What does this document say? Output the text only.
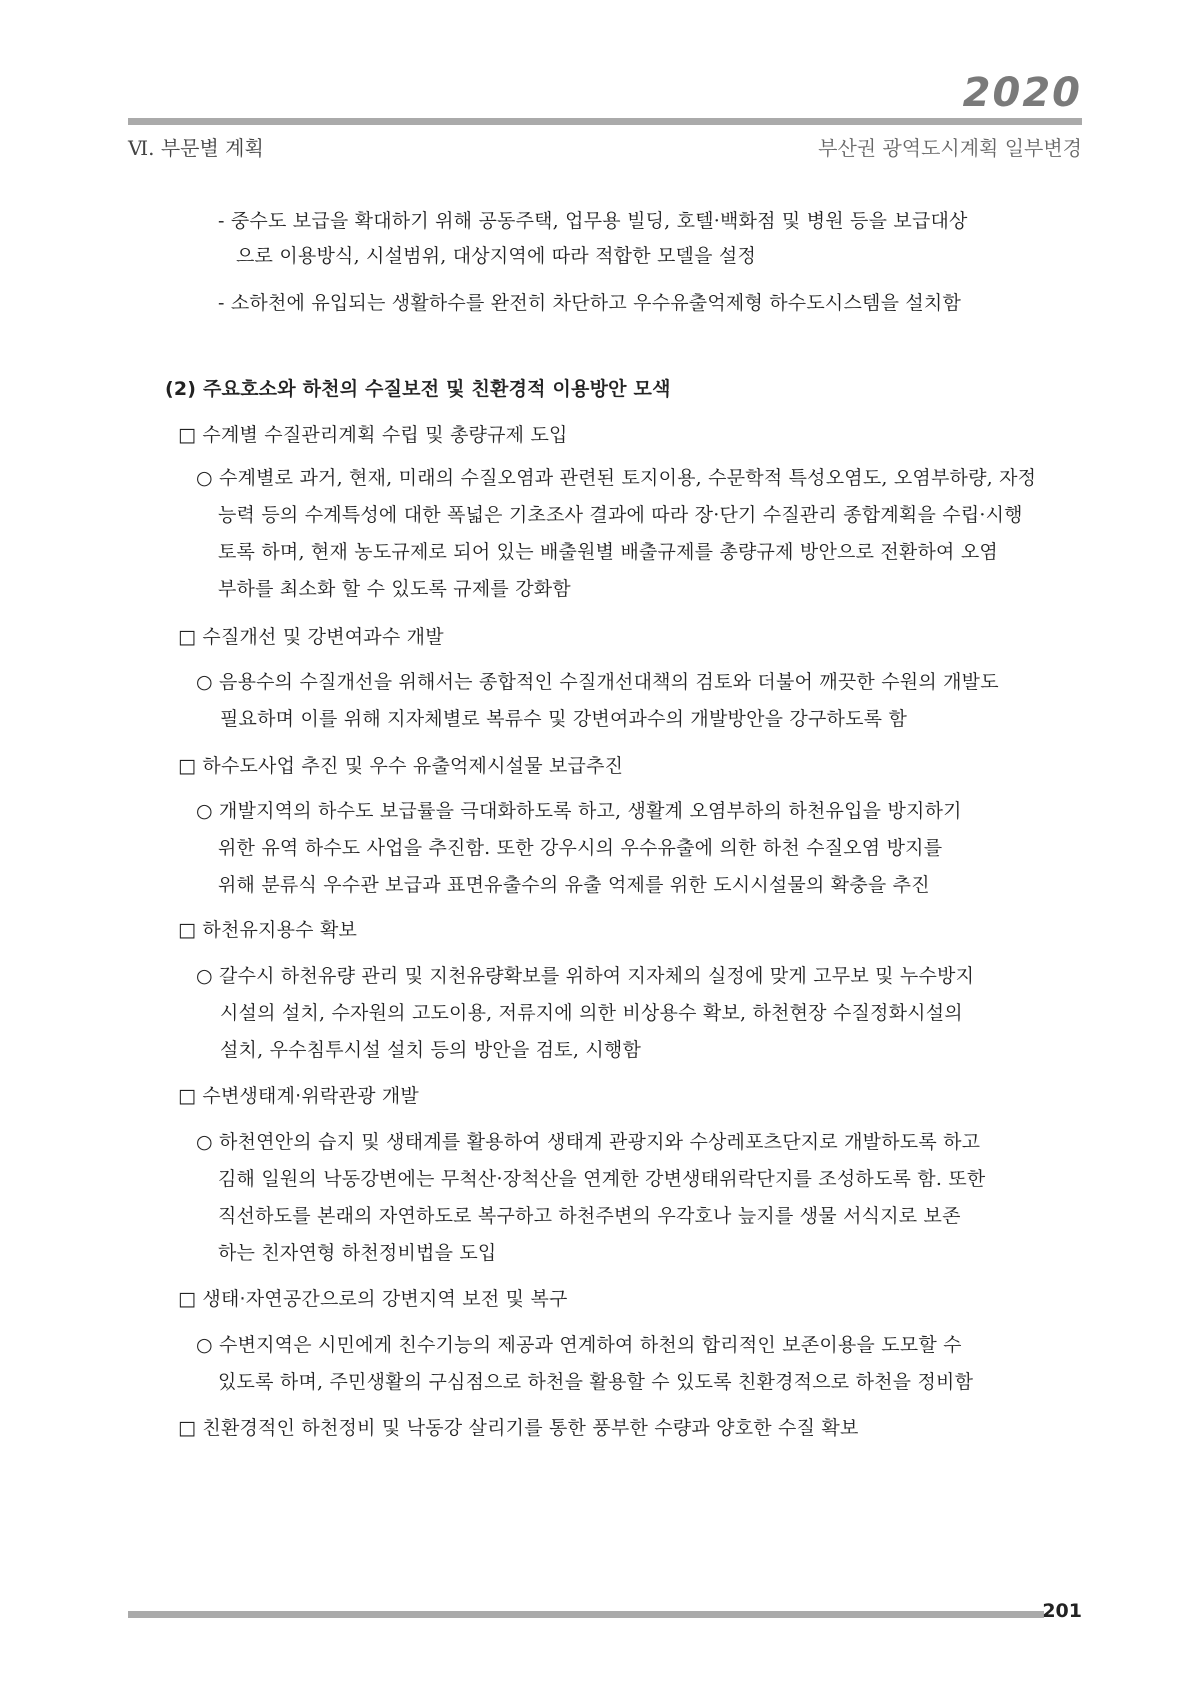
2020
Ⅵ. 부문별 계획	부산권 광역도시계획 일부변경
- 중수도 보급을 확대하기 위해 공동주택, 업무용 빌딩, 호텔·백화점 및 병원 등을 보급대상
으로 이용방식, 시설범위, 대상지역에 따라 적합한 모델을 설정
- 소하천에 유입되는 생활하수를 완전히 차단하고 우수유출억제형 하수도시스템을 설치함
(2) 주요호소와 하천의 수질보전 및 친환경적 이용방안 모색
□ 수계별 수질관리계획 수립 및 총량규제 도입
○ 수계별로 과거, 현재, 미래의 수질오염과 관련된 토지이용, 수문학적 특성오염도, 오염부하량, 자정
능력 등의 수계특성에 대한 폭넓은 기초조사 결과에 따라 장·단기 수질관리 종합계획을 수립·시행
토록 하며, 현재 농도규제로 되어 있는 배출원별 배출규제를 총량규제 방안으로 전환하여 오염
부하를 최소화 할 수 있도록 규제를 강화함
□ 수질개선 및 강변여과수 개발
○ 음용수의 수질개선을 위해서는 종합적인 수질개선대책의 검토와 더불어 깨끗한 수원의 개발도
필요하며 이를 위해 지자체별로 복류수 및 강변여과수의 개발방안을 강구하도록 함
□ 하수도사업 추진 및 우수 유출억제시설물 보급추진
○ 개발지역의 하수도 보급률을 극대화하도록 하고, 생활계 오염부하의 하천유입을 방지하기
위한 유역 하수도 사업을 추진함. 또한 강우시의 우수유출에 의한 하천 수질오염 방지를
위해 분류식 우수관 보급과 표면유출수의 유출 억제를 위한 도시시설물의 확충을 추진
□ 하천유지용수 확보
○ 갈수시 하천유량 관리 및 지천유량확보를 위하여 지자체의 실정에 맞게 고무보 및 누수방지
시설의 설치, 수자원의 고도이용, 저류지에 의한 비상용수 확보, 하천현장 수질정화시설의
설치, 우수침투시설 설치 등의 방안을 검토, 시행함
□ 수변생태계·위락관광 개발
○ 하천연안의 습지 및 생태계를 활용하여 생태계 관광지와 수상레포츠단지로 개발하도록 하고
김해 일원의 낙동강변에는 무척산·장척산을 연계한 강변생태위락단지를 조성하도록 함. 또한
직선하도를 본래의 자연하도로 복구하고 하천주변의 우각호나 늪지를 생물 서식지로 보존
하는 친자연형 하천정비법을 도입
□ 생태·자연공간으로의 강변지역 보전 및 복구
○ 수변지역은 시민에게 친수기능의 제공과 연계하여 하천의 합리적인 보존이용을 도모할 수
있도록 하며, 주민생활의 구심점으로 하천을 활용할 수 있도록 친환경적으로 하천을 정비함
□ 친환경적인 하천정비 및 낙동강 살리기를 통한 풍부한 수량과 양호한 수질 확보
201
